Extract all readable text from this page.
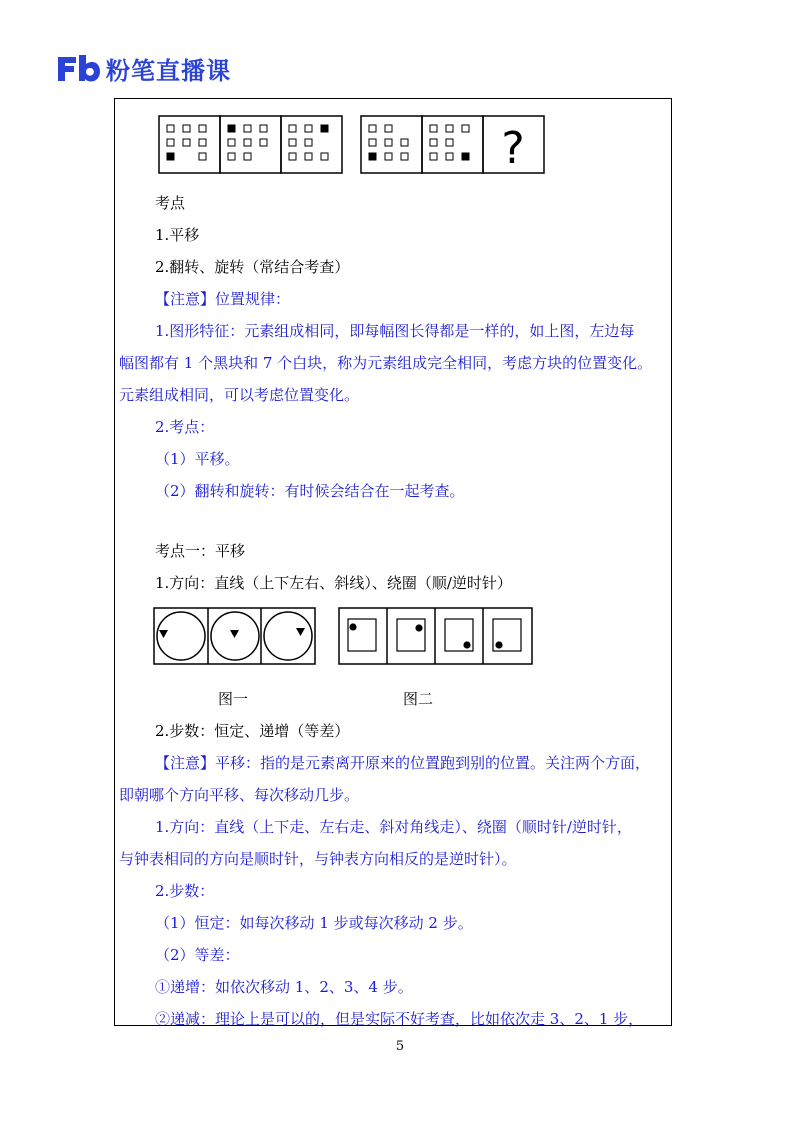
粉笔直播课
?
考点
1.平移
2.翻转、旋转（常结合考查）
【注意】位置规律：
1.图形特征：元素组成相同，即每幅图长得都是一样的，如上图，左边每
幅图都有 1 个黑块和 7 个白块，称为元素组成完全相同，考虑方块的位置变化。
元素组成相同，可以考虑位置变化。
2.考点：
（1）平移。
（2）翻转和旋转：有时候会结合在一起考查。
考点一：平移
1.方向：直线（上下左右、斜线）、绕圈（顺/逆时针）
图一	图二
2.步数：恒定、递增（等差）
【注意】平移：指的是元素离开原来的位置跑到别的位置。关注两个方面，
即朝哪个方向平移、每次移动几步。
1.方向：直线（上下走、左右走、斜对角线走）、绕圈（顺时针/逆时针，
与钟表相同的方向是顺时针，与钟表方向相反的是逆时针）。
2.步数：
（1）恒定：如每次移动 1 步或每次移动 2 步。
（2）等差：
①递增：如依次移动 1、2、3、4 步。
②递减：理论上是可以的，但是实际不好考查，比如依次走 3、2、1 步，
5
